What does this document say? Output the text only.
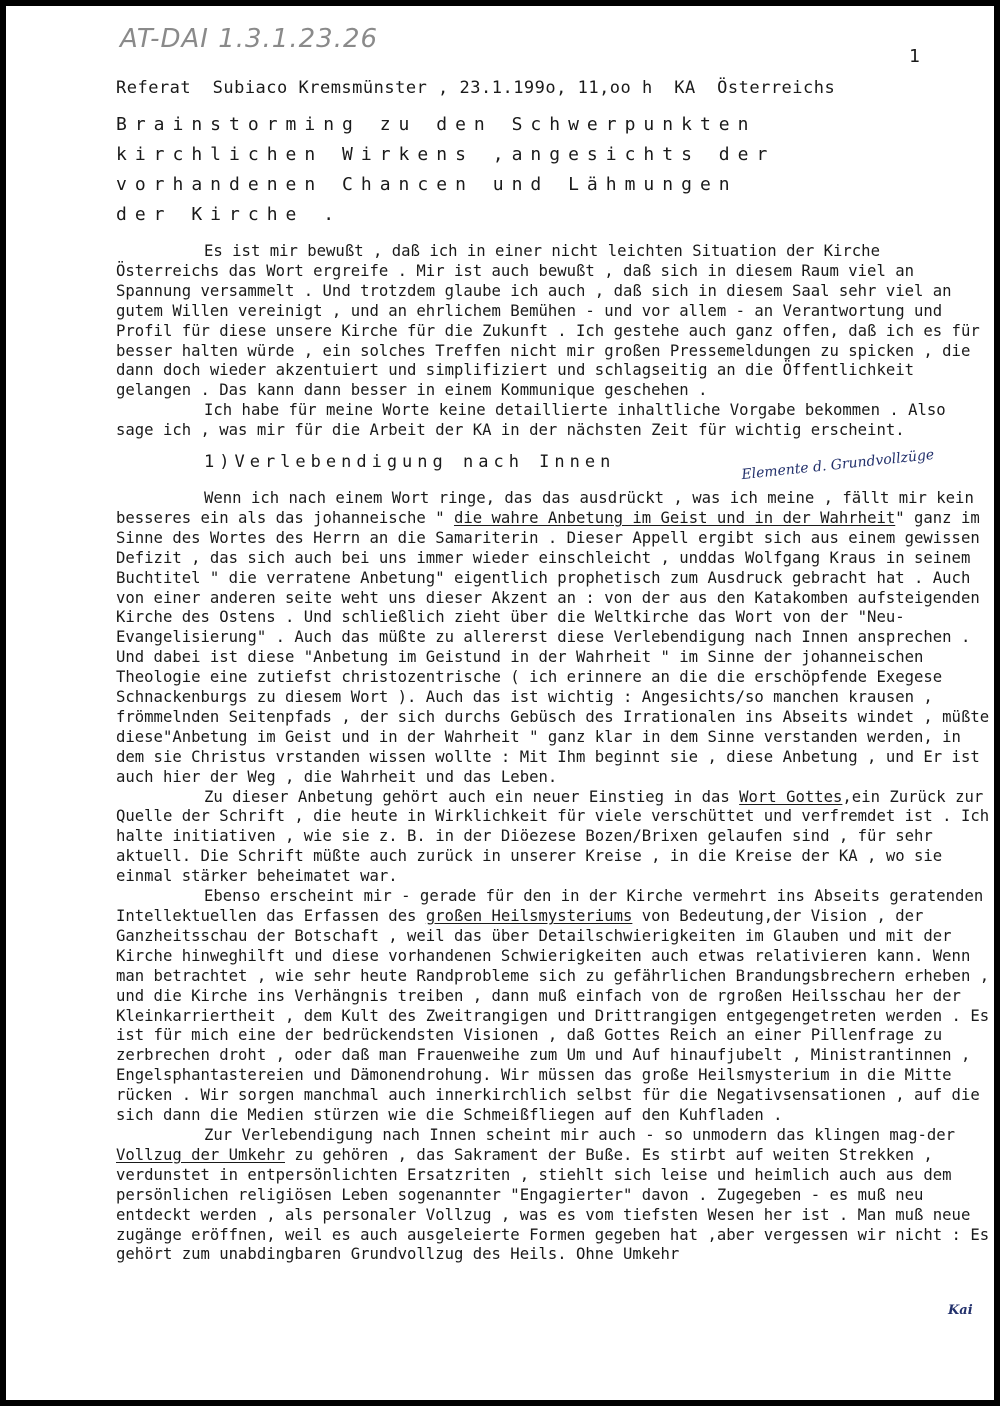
AT-DAI 1.3.1.23.26
1
Referat  Subiaco Kremsmünster , 23.1.199o, 11,oo h  KA  Österreichs
Brainstorming zu den Schwerpunkten
kirchlichen Wirkens ,angesichts der
vorhandenen Chancen und Lähmungen
der Kirche .
Elemente d. Grundvollzüge
Kai

Es ist mir bewußt , daß ich in einer nicht leichten Situation der Kirche Österreichs das Wort ergreife . Mir ist auch bewußt , daß sich in diesem Raum viel an Spannung versammelt . Und trotzdem glaube ich auch , daß sich in diesem Saal sehr viel an gutem Willen vereinigt , und an ehrlichem Bemühen - und vor allem - an Verantwortung und Profil für diese unsere Kirche für die Zukunft . Ich gestehe auch ganz offen, daß ich es für besser halten würde , ein solches Treffen nicht mir großen Pressemeldungen zu spicken , die dann doch wieder akzentuiert und simplifiziert und schlagseitig an die Öffentlichkeit gelangen . Das kann dann besser in einem Kommunique geschehen .

Ich habe für meine Worte keine detaillierte inhaltliche Vorgabe bekommen . Also sage ich , was mir für die Arbeit der KA in der nächsten Zeit für wichtig erscheint.

1)Verlebendigung nach Innen

Wenn ich nach einem Wort ringe, das das ausdrückt , was ich meine , fällt mir kein besseres ein als das johanneische " die wahre Anbetung im Geist und in der Wahrheit" ganz im Sinne des Wortes des Herrn an die Samariterin . Dieser Appell ergibt sich aus einem gewissen Defizit , das sich auch bei uns immer wieder einschleicht , unddas Wolfgang Kraus in seinem Buchtitel " die verratene Anbetung" eigentlich prophetisch zum Ausdruck gebracht hat . Auch von einer anderen seite weht uns dieser Akzent an : von der aus den Katakomben aufsteigenden Kirche des Ostens . Und schließlich zieht über die Weltkirche das Wort von der "Neu-Evangelisierung" . Auch das müßte zu allererst diese Verlebendigung nach Innen ansprechen . Und dabei ist diese "Anbetung im Geistund in der Wahrheit " im Sinne der johanneischen Theologie eine zutiefst christozentrische ( ich erinnere an die die erschöpfende Exegese Schnackenburgs zu diesem Wort ). Auch das ist wichtig : Angesichts/so manchen krausen , frömmelnden Seitenpfads , der sich durchs Gebüsch des Irrationalen ins Abseits windet , müßte diese"Anbetung im Geist und in der Wahrheit " ganz klar in dem Sinne verstanden werden, in dem sie Christus vrstanden wissen wollte : Mit Ihm beginnt sie , diese Anbetung , und Er ist auch hier der Weg , die Wahrheit und das Leben.

Zu dieser Anbetung gehört auch ein neuer Einstieg in das Wort Gottes,ein Zurück zur Quelle der Schrift , die heute in Wirklichkeit für viele verschüttet und verfremdet ist . Ich halte initiativen , wie sie z. B. in der Diöezese Bozen/Brixen gelaufen sind , für sehr aktuell. Die Schrift müßte auch zurück in unserer Kreise , in die Kreise der KA , wo sie einmal stärker beheimatet war.

Ebenso erscheint mir - gerade für den in der Kirche vermehrt ins Abseits geratenden Intellektuellen das Erfassen des großen Heilsmysteriums von Bedeutung,der Vision , der Ganzheitsschau der Botschaft , weil das über Detailschwierigkeiten im Glauben und mit der Kirche hinweghilft und diese vorhandenen Schwierigkeiten auch etwas relativieren kann. Wenn man betrachtet , wie sehr heute Randprobleme sich zu gefährlichen Brandungsbrechern erheben , und die Kirche ins Verhängnis treiben , dann muß einfach von de rgroßen Heilsschau her der Kleinkarriertheit , dem Kult des Zweitrangigen und Drittrangigen entgegengetreten werden . Es ist für mich eine der bedrückendsten Visionen , daß Gottes Reich an einer Pillenfrage zu zerbrechen droht , oder daß man Frauenweihe zum Um und Auf hinaufjubelt , Ministrantinnen , Engelsphantastereien und Dämonendrohung. Wir müssen das große Heilsmysterium in die Mitte rücken . Wir sorgen manchmal auch innerkirchlich selbst für die Negativsensationen , auf die sich dann die Medien stürzen wie die Schmeißfliegen auf den Kuhfladen .

Zur Verlebendigung nach Innen scheint mir auch - so unmodern das klingen mag-der Vollzug der Umkehr zu gehören , das Sakrament der Buße. Es stirbt auf weiten Strekken , verdunstet in entpersönlichten Ersatzriten , stiehlt sich leise und heimlich auch aus dem persönlichen religiösen Leben sogenannter "Engagierter" davon . Zugegeben - es muß neu entdeckt werden , als personaler Vollzug , was es vom tiefsten Wesen her ist . Man muß neue zugänge eröffnen, weil es auch ausgeleierte Formen gegeben hat ,aber vergessen wir nicht : Es gehört zum unabdingbaren Grundvollzug des Heils. Ohne Umkehr
